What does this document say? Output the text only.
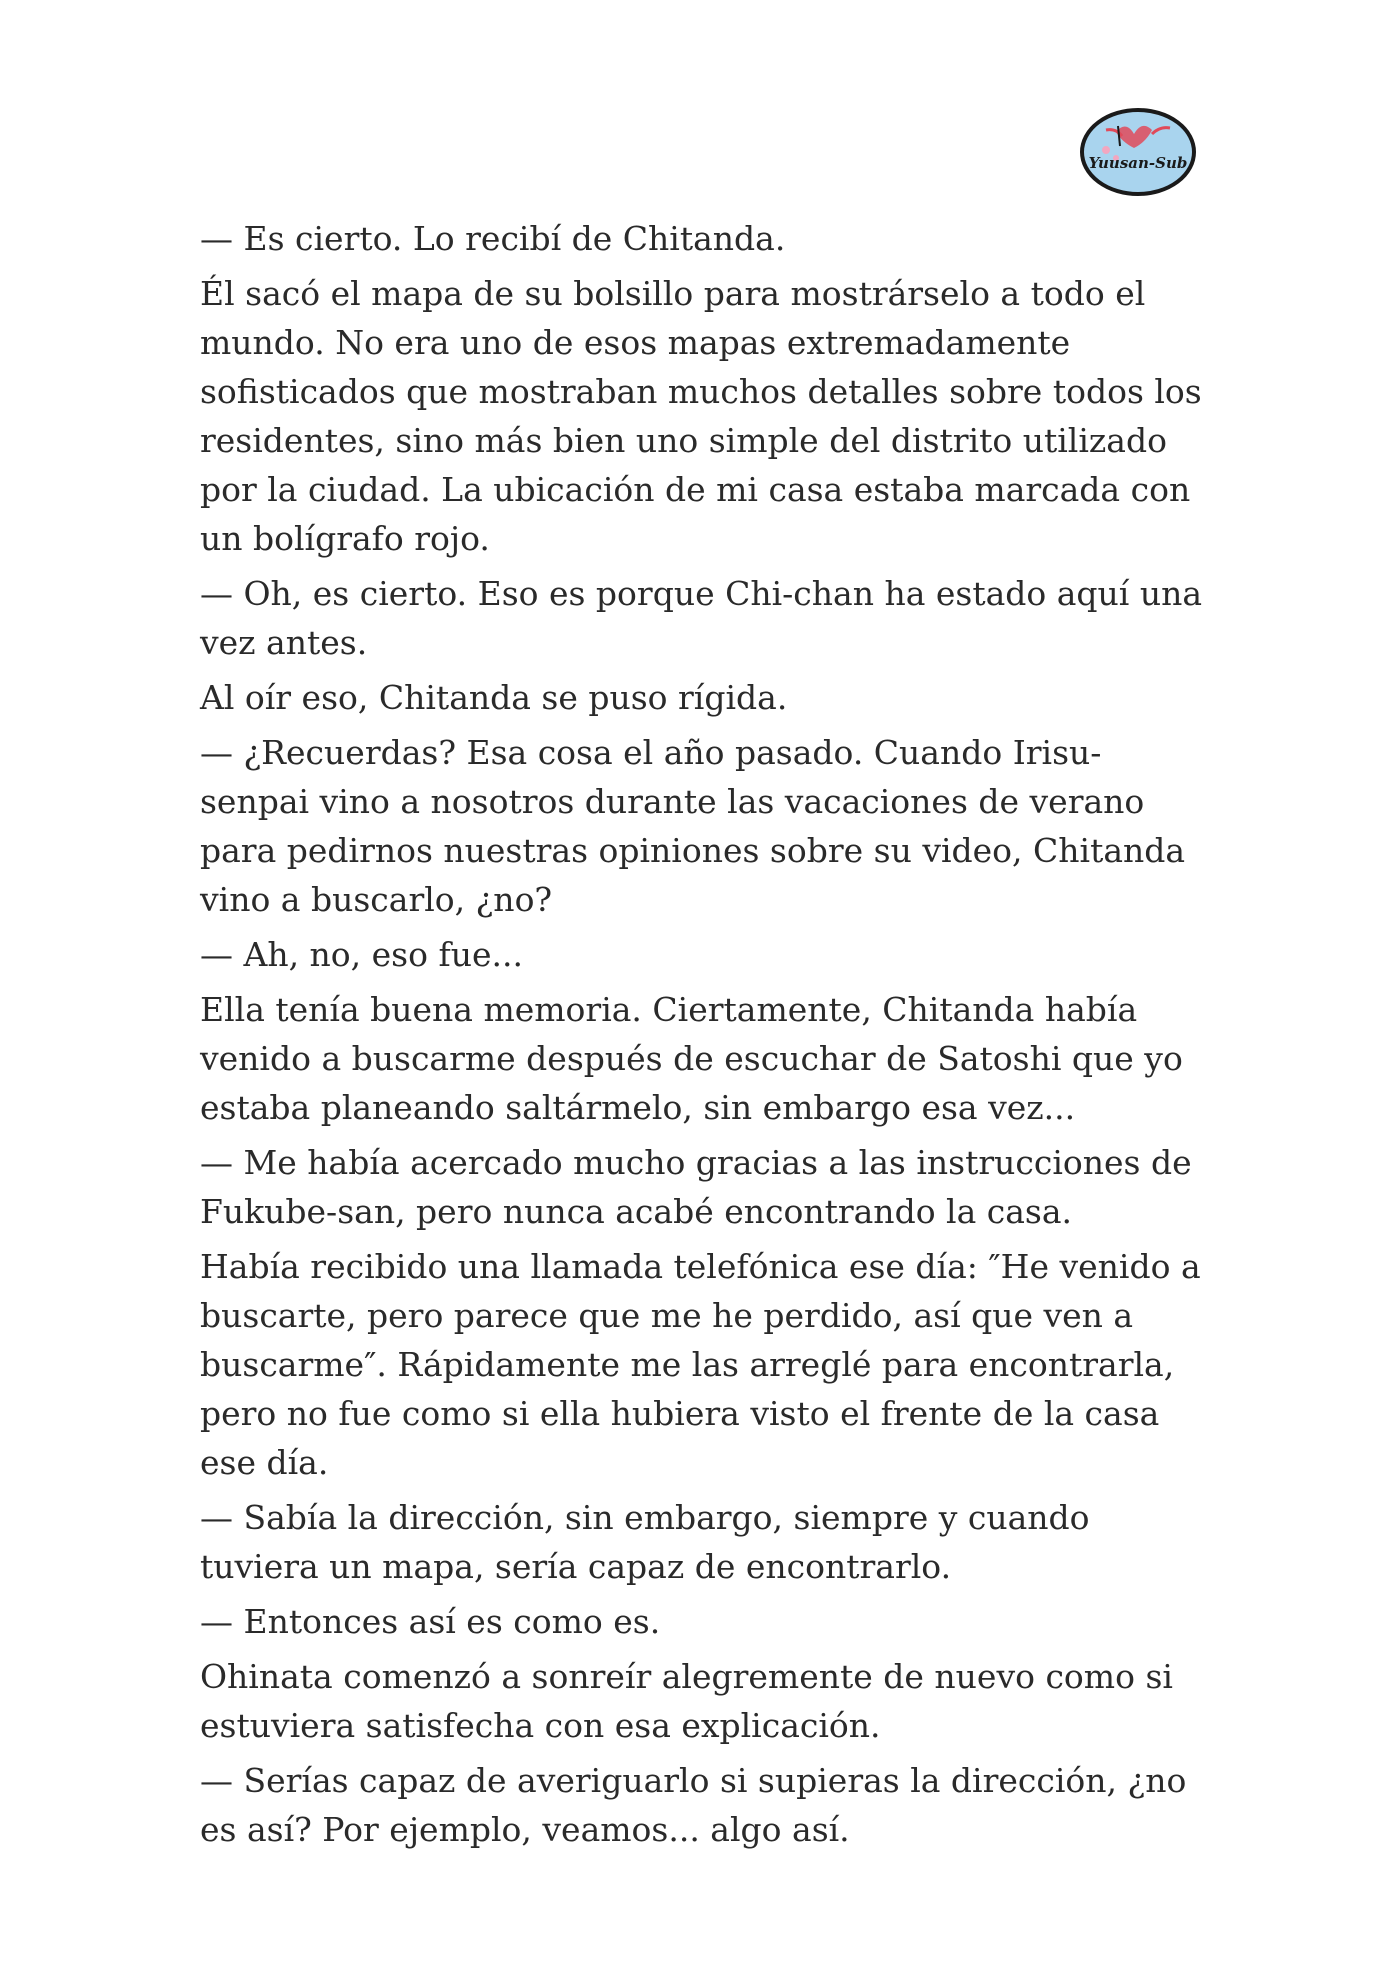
Yuusan-Sub

— Es cierto. Lo recibí de Chitanda.

Él sacó el mapa de su bolsillo para mostrárselo a todo el mundo. No era uno de esos mapas extremadamente sofisticados que mostraban muchos detalles sobre todos los residentes, sino más bien uno simple del distrito utilizado por la ciudad. La ubicación de mi casa estaba marcada con un bolígrafo rojo.

— Oh, es cierto. Eso es porque Chi-chan ha estado aquí una vez antes.

Al oír eso, Chitanda se puso rígida.

— ¿Recuerdas? Esa cosa el año pasado. Cuando Irisu-senpai vino a nosotros durante las vacaciones de verano para pedirnos nuestras opiniones sobre su video, Chitanda vino a buscarlo, ¿no?

— Ah, no, eso fue...

Ella tenía buena memoria. Ciertamente, Chitanda había venido a buscarme después de escuchar de Satoshi que yo estaba planeando saltármelo, sin embargo esa vez...

— Me había acercado mucho gracias a las instrucciones de Fukube-san, pero nunca acabé encontrando la casa.

Había recibido una llamada telefónica ese día: ″He venido a buscarte, pero parece que me he perdido, así que ven a buscarme″. Rápidamente me las arreglé para encontrarla, pero no fue como si ella hubiera visto el frente de la casa ese día.

— Sabía la dirección, sin embargo, siempre y cuando tuviera un mapa, sería capaz de encontrarlo.

— Entonces así es como es.

Ohinata comenzó a sonreír alegremente de nuevo como si estuviera satisfecha con esa explicación.

— Serías capaz de averiguarlo si supieras la dirección, ¿no es así? Por ejemplo, veamos... algo así.
